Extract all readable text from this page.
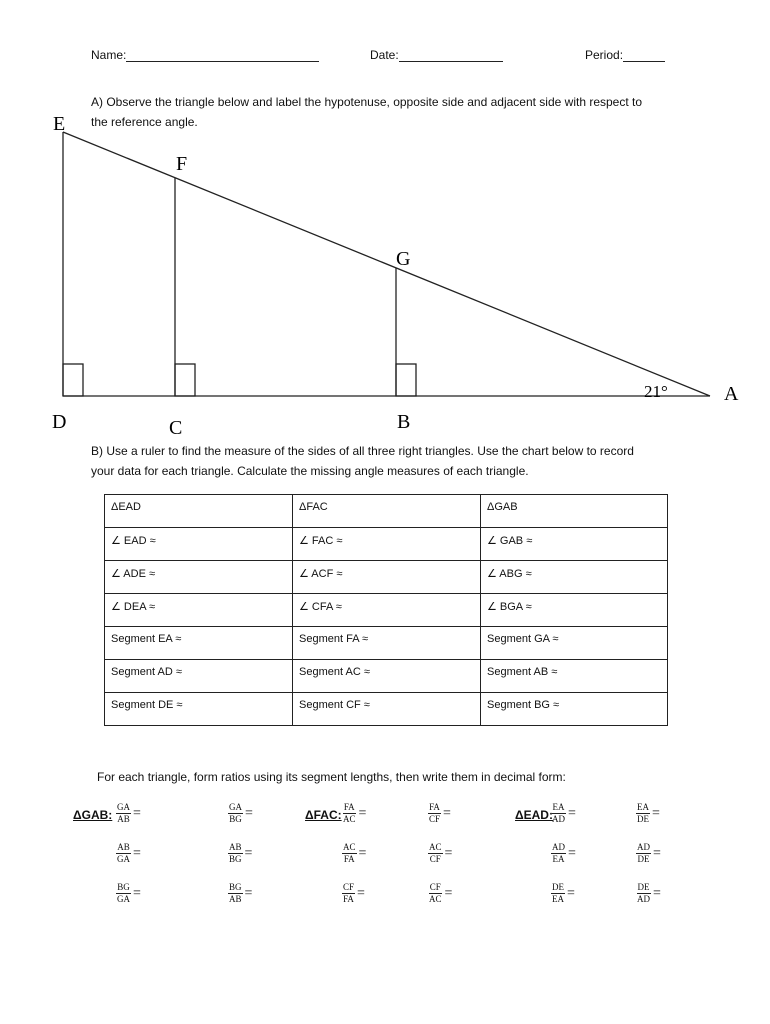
Name:	Date:	Period:
A) Observe the triangle below and label the hypotenuse, opposite side and adjacent side with respect to
the reference angle.
E
F
G
D	C	B
A
21°
B) Use a ruler to find the measure of the sides of all three right triangles. Use the chart below to record
your data for each triangle. Calculate the missing angle measures of each triangle.
ΔEAD	ΔFAC	ΔGAB
∠ EAD ≈	∠ FAC ≈	∠ GAB ≈
∠ ADE ≈	∠ ACF ≈	∠ ABG ≈
∠ DEA ≈	∠ CFA ≈	∠ BGA ≈
Segment EA ≈	Segment FA ≈	Segment GA ≈
Segment AD ≈	Segment AC ≈	Segment AB ≈
Segment DE ≈	Segment CF ≈	Segment BG ≈
For each triangle, form ratios using its segment lengths, then write them in decimal form:
ΔGAB:	ΔFAC:	ΔEAD:
$\frac{GA}{AB}$ =	$\frac{GA}{BG}$ =	$\frac{FA}{AC}$ =	$\frac{FA}{CF}$ =	$\frac{EA}{AD}$ =	$\frac{EA}{DE}$ =
$\frac{AB}{GA}$ =	$\frac{AB}{BG}$ =	$\frac{AC}{FA}$ =	$\frac{AC}{CF}$ =	$\frac{AD}{EA}$ =	$\frac{AD}{DE}$ =
$\frac{BG}{GA}$ =	$\frac{BG}{AB}$ =	$\frac{CF}{FA}$ =	$\frac{CF}{AC}$ =	$\frac{DE}{EA}$ =	$\frac{DE}{AD}$ =
